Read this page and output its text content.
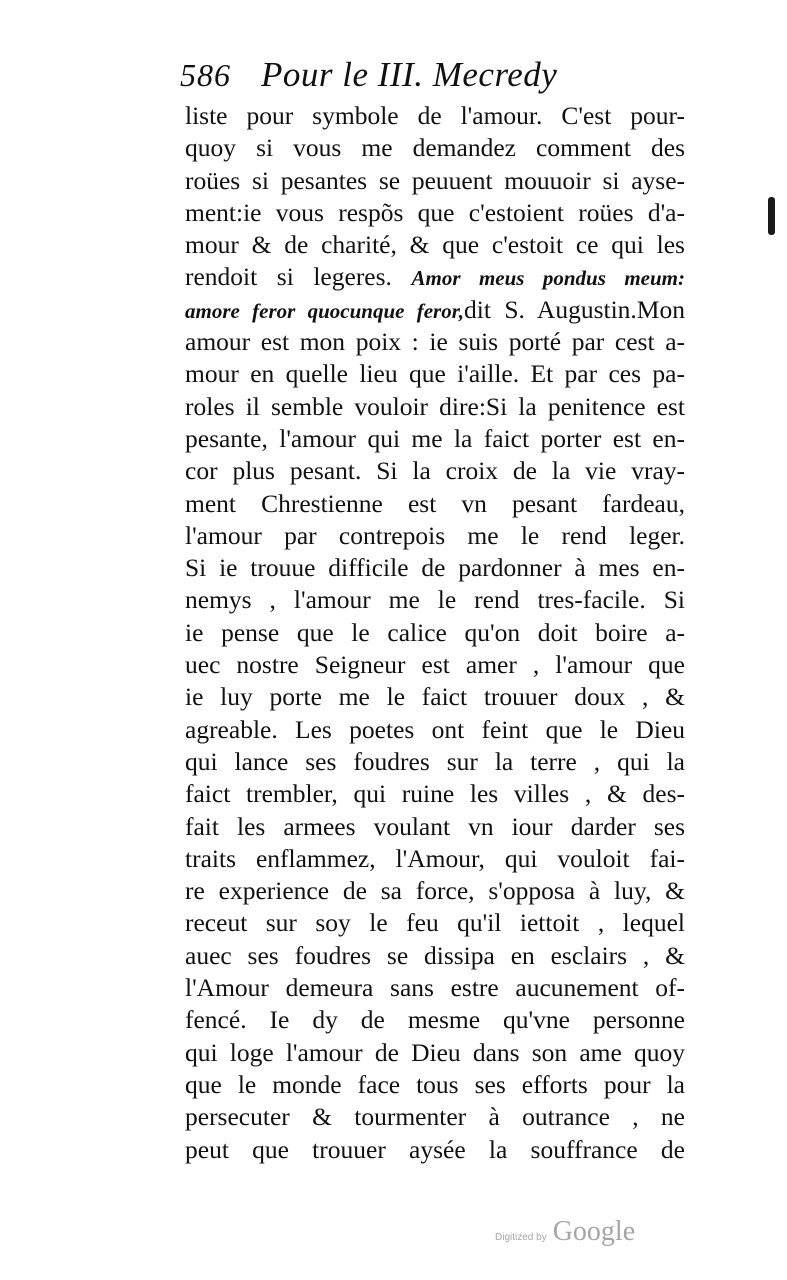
586 Pour le III. Mecredy
liste pour symbole de l'amour. C'est pour-
quoy si vous me demandez comment des
roües si pesantes se peuuent mouuoir si ayse-
ment:ie vous respõs que c'estoient roües d'a-
mour & de charité, & que c'estoit ce qui les
rendoit si legeres. Amor meus pondus meum:
amore feror quocunque feror,dit S. Augustin.Mon
amour est mon poix : ie suis porté par cest a-
mour en quelle lieu que i'aille. Et par ces pa-
roles il semble vouloir dire:Si la penitence est
pesante, l'amour qui me la faict porter est en-
cor plus pesant. Si la croix de la vie vray-
ment Chrestienne est vn pesant fardeau,
l'amour par contrepois me le rend leger.
Si ie trouue difficile de pardonner à mes en-
nemys , l'amour me le rend tres-facile. Si
ie pense que le calice qu'on doit boire a-
uec nostre Seigneur est amer , l'amour que
ie luy porte me le faict trouuer doux , &
agreable. Les poetes ont feint que le Dieu
qui lance ses foudres sur la terre , qui la
faict trembler, qui ruine les villes , & des-
fait les armees voulant vn iour darder ses
traits enflammez, l'Amour, qui vouloit fai-
re experience de sa force, s'opposa à luy, &
receut sur soy le feu qu'il iettoit , lequel
auec ses foudres se dissipa en esclairs , &
l'Amour demeura sans estre aucunement of-
fencé. Ie dy de mesme qu'vne personne
qui loge l'amour de Dieu dans son ame quoy
que le monde face tous ses efforts pour la
persecuter & tourmenter à outrance , ne
peut que trouuer aysée la souffrance de
Digitized by Google
